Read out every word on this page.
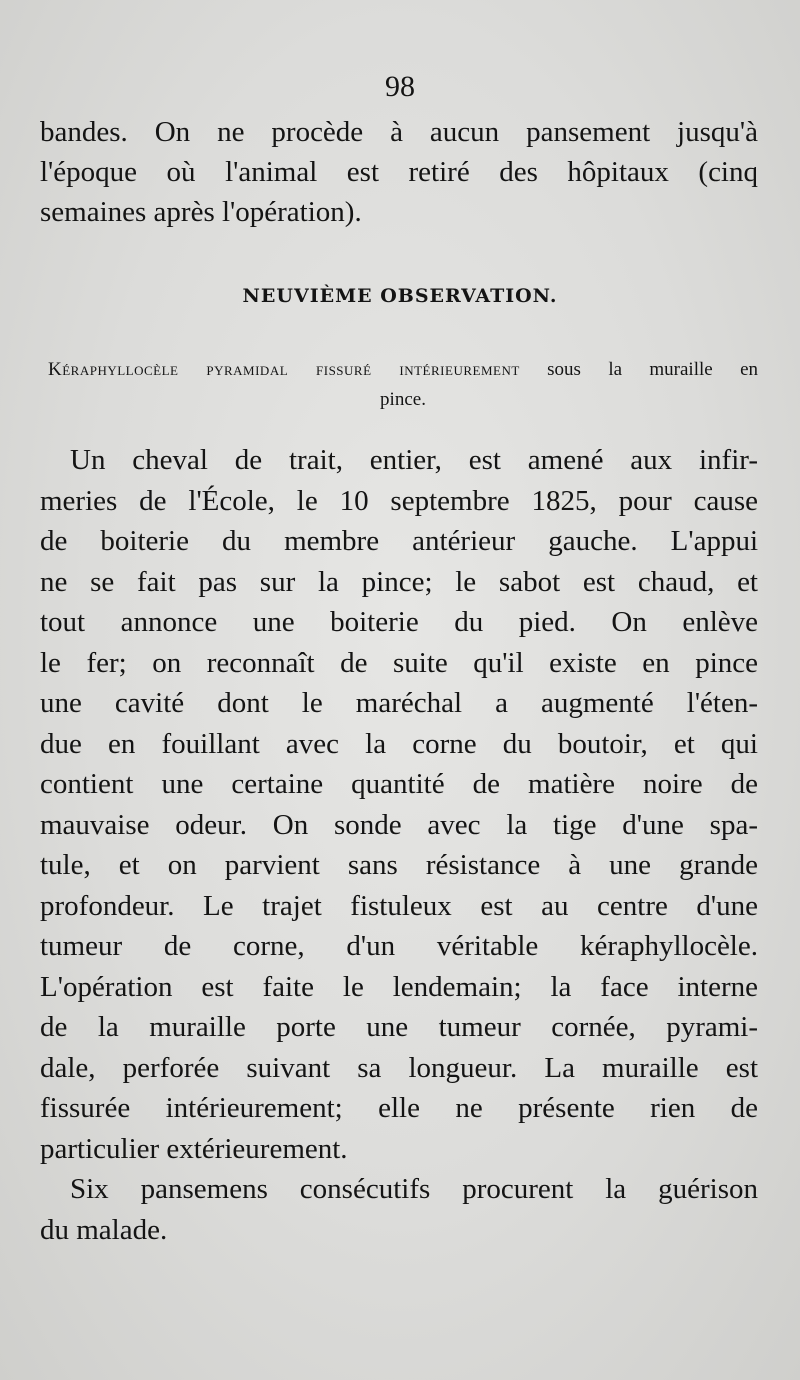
98
bandes. On ne procède à aucun pansement jusqu'à
l'époque où l'animal est retiré des hôpitaux (cinq
semaines après l'opération).
NEUVIÈME OBSERVATION.
Kéraphyllocèle pyramidal fissuré intérieurement sous la muraille en
pince.
Un cheval de trait, entier, est amené aux infir-
meries de l'École, le 10 septembre 1825, pour cause
de boiterie du membre antérieur gauche. L'appui
ne se fait pas sur la pince; le sabot est chaud, et
tout annonce une boiterie du pied. On enlève
le fer; on reconnaît de suite qu'il existe en pince
une cavité dont le maréchal a augmenté l'éten-
due en fouillant avec la corne du boutoir, et qui
contient une certaine quantité de matière noire de
mauvaise odeur. On sonde avec la tige d'une spa-
tule, et on parvient sans résistance à une grande
profondeur. Le trajet fistuleux est au centre d'une
tumeur de corne, d'un véritable kéraphyllocèle.
L'opération est faite le lendemain; la face interne
de la muraille porte une tumeur cornée, pyrami-
dale, perforée suivant sa longueur. La muraille est
fissurée intérieurement; elle ne présente rien de
particulier extérieurement.
Six pansemens consécutifs procurent la guérison
du malade.
